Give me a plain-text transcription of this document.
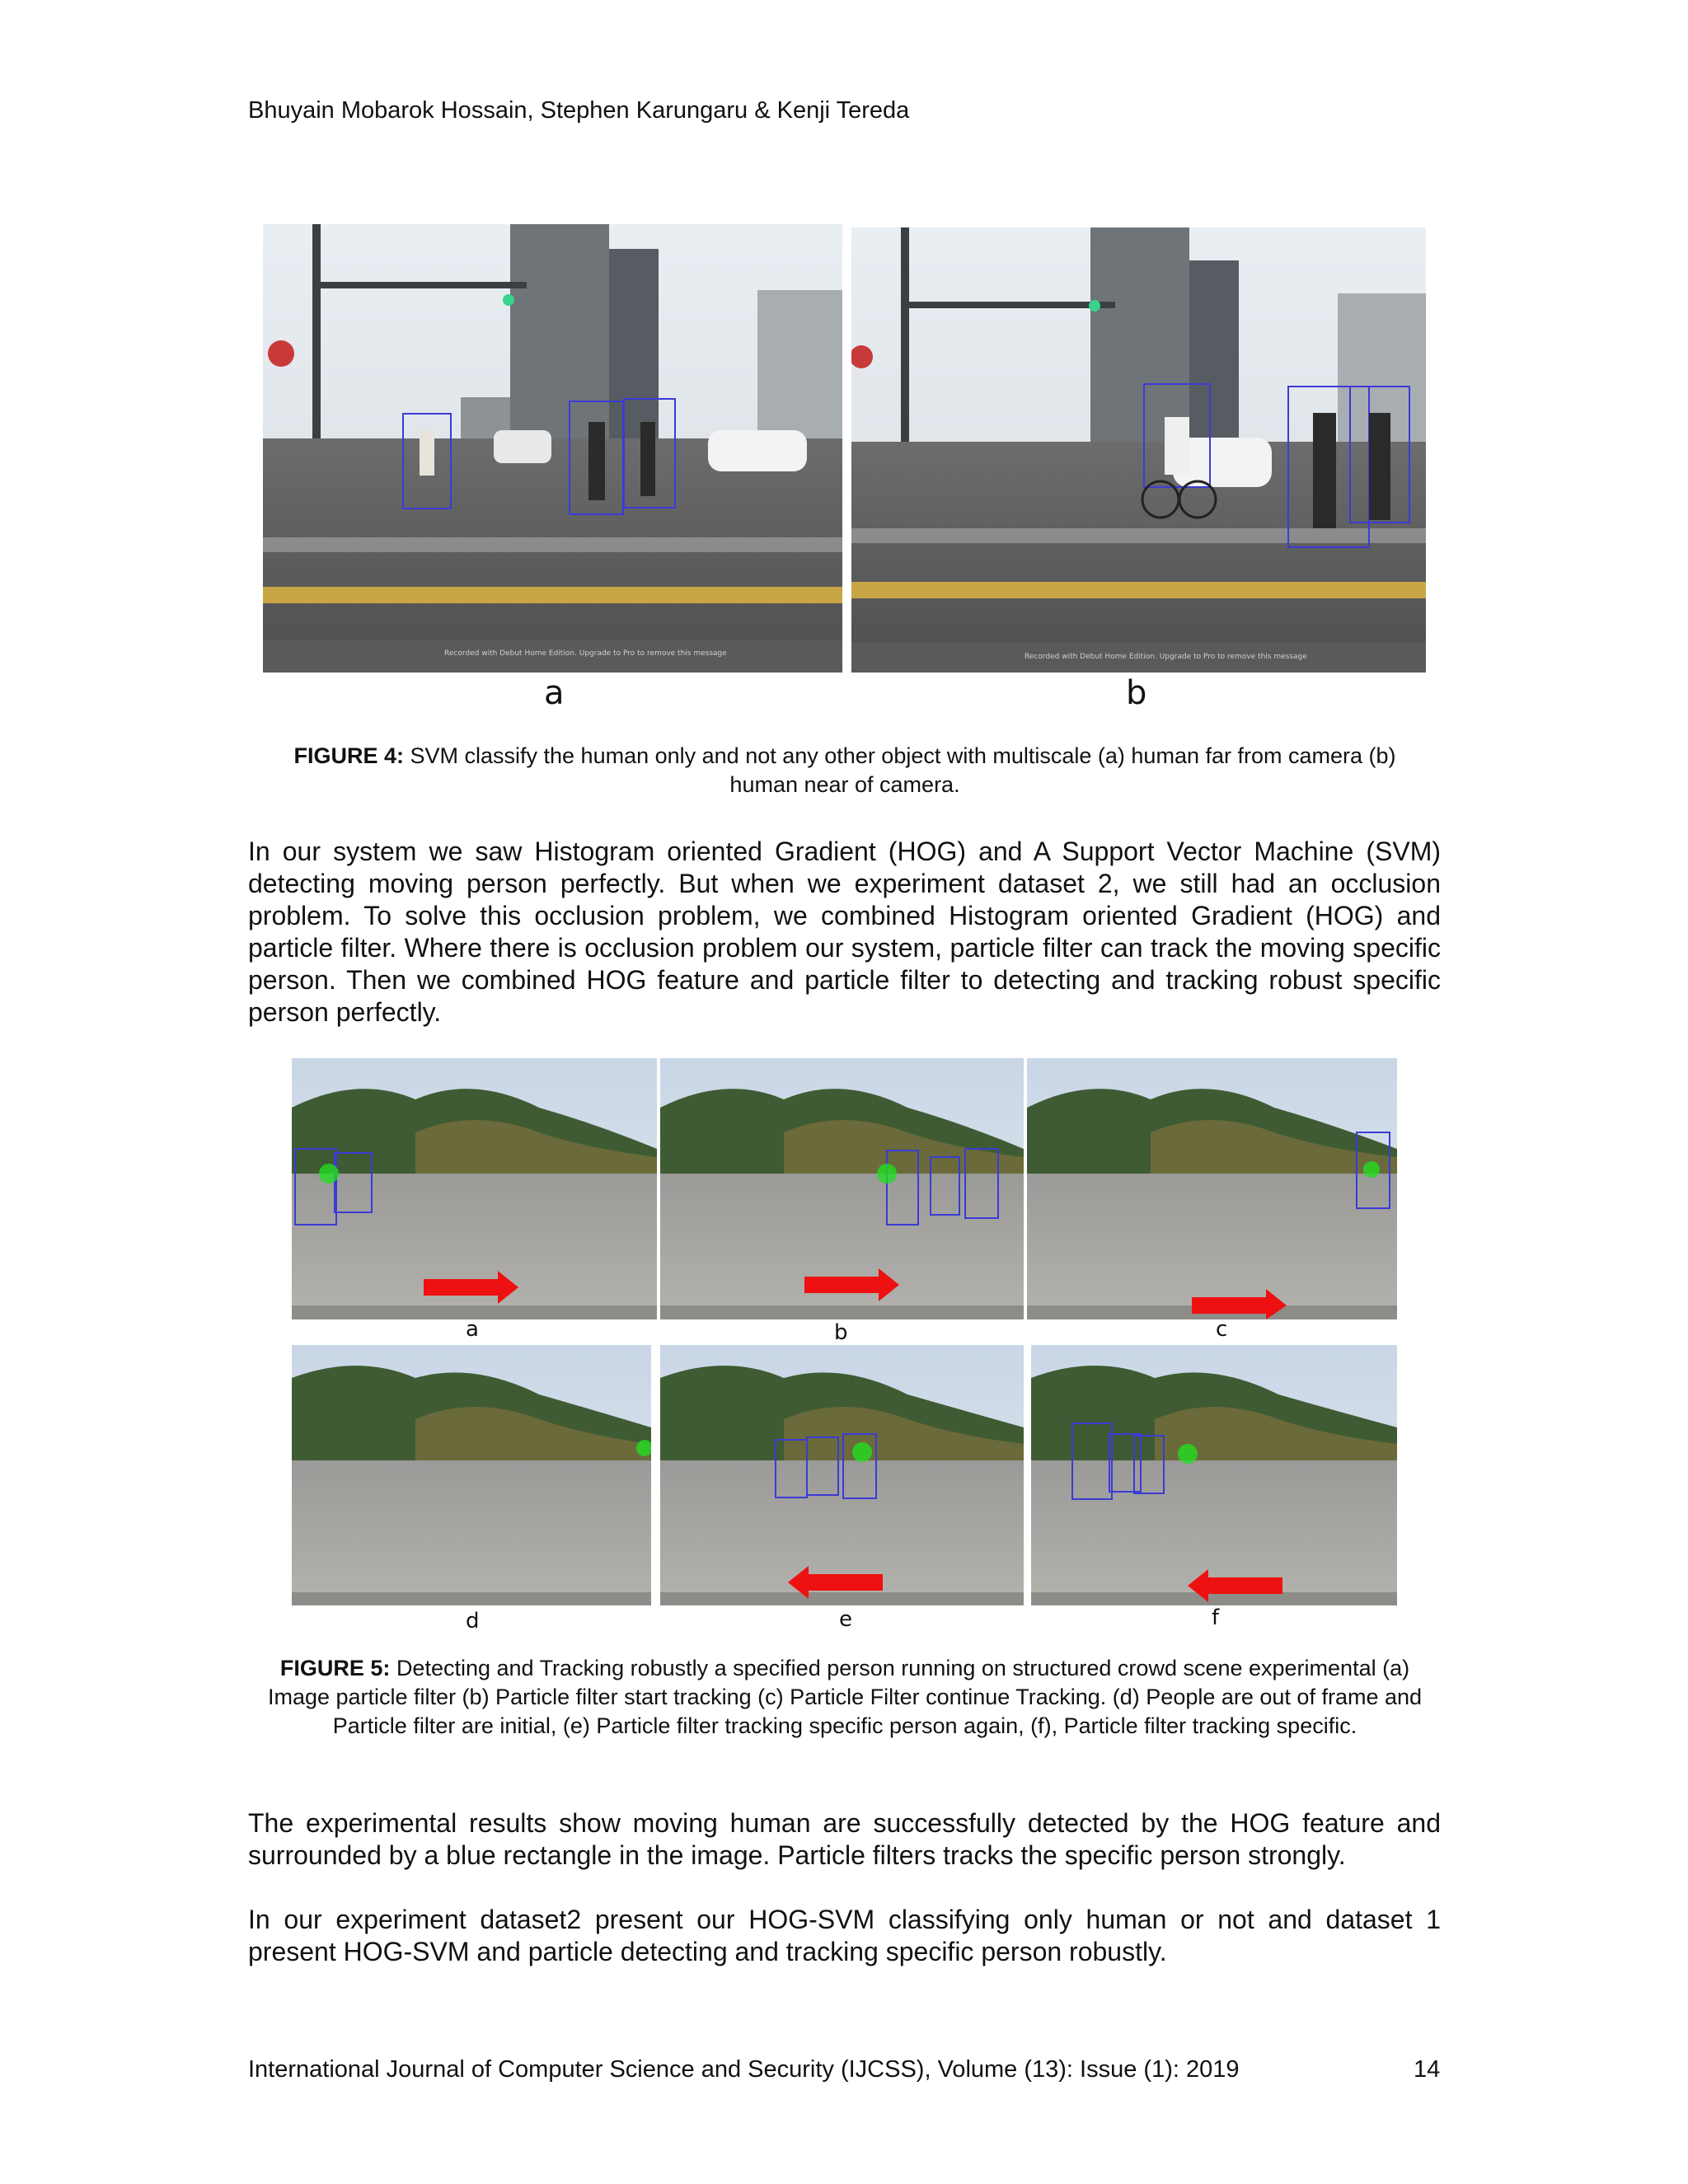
Bhuyain Mobarok Hossain, Stephen Karungaru & Kenji Tereda
Recorded with Debut Home Edition. Upgrade to Pro to remove this message
a
Recorded with Debut Home Edition. Upgrade to Pro to remove this message
b
FIGURE 4: SVM classify the human only and not any other object with multiscale (a) human far from camera (b) human near of camera.
In our system we saw Histogram oriented Gradient (HOG) and A Support Vector Machine (SVM) detecting moving person perfectly. But when we experiment dataset 2, we still had an occlusion problem. To solve this occlusion problem, we combined Histogram oriented Gradient (HOG) and particle filter. Where there is occlusion problem our system, particle filter can track the moving specific person. Then we combined HOG feature and particle filter to detecting and tracking robust specific person perfectly.
a	b	c
d	e	f
FIGURE 5: Detecting and Tracking robustly a specified person running on structured crowd scene experimental (a) Image particle filter (b) Particle filter start tracking (c) Particle Filter continue Tracking. (d) People are out of frame and Particle filter are initial, (e) Particle filter tracking specific person again, (f), Particle filter tracking specific.
The experimental results show moving human are successfully detected by the HOG feature and surrounded by a blue rectangle in the image. Particle filters tracks the specific person strongly.
In our experiment dataset2 present our HOG-SVM classifying only human or not and dataset 1 present HOG-SVM and particle detecting and tracking specific person robustly.
International Journal of Computer Science and Security (IJCSS), Volume (13): Issue (1): 2019	14
